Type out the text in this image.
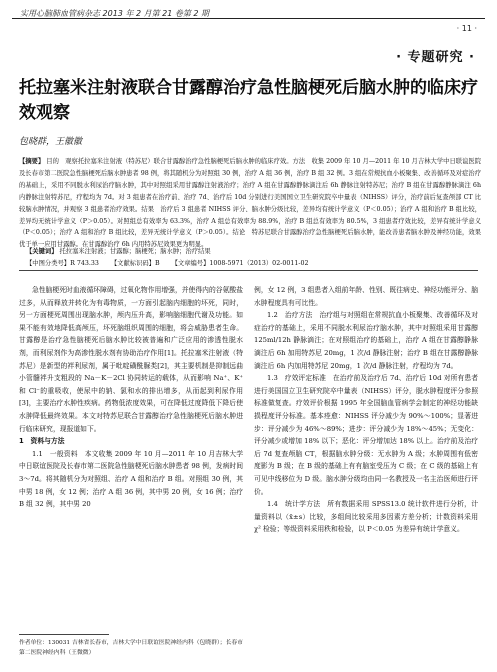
实用心脑肺血管病杂志 2013 年 2 月第 21 卷第 2 期
· 11 ·
· 专题研究 ·
托拉塞米注射液联合甘露醇治疗急性脑梗死后脑水肿的临床疗效观察
包晓群，王徽徽
【摘要】 目的　观察托拉塞米注射液（特苏尼）联合甘露醇治疗急性脑梗死后脑水肿的临床疗效。方法　收集 2009 年 10 月—2011 年 10 月吉林大学中日联谊医院及长春市第二医院急性脑梗死后脑水肿患者 98 例，将其随机分为对照组 30 例，治疗 A 组 36 例，治疗 B 组 32 例。3 组在常规抗血小板聚集、改善循环及对症治疗的基础上，采用不同脱水利尿治疗脑水肿，其中对照组采用甘露醇注射液治疗；治疗 A 组在甘露醇静脉滴注后 6h 静脉注射特苏尼；治疗 B 组在甘露醇静脉滴注 6h 内静脉注射特苏尼，疗程均为 7d。对 3 组患者在治疗前、治疗 7d、治疗后 10d 分别进行美国国立卫生研究院卒中量表（NIHSS）评分，治疗前后复查颅部 CT 比较脑水肿情况，并观察 3 组患者治疗效果。结果　治疗后 3 组患者 NIHSS 评分、脑水肿分级比较，差异均有统计学意义（P＜0.05）；治疗 A 组和治疗 B 组比较，差异均无统计学意义（P＞0.05）。对照组总有效率为 63.3%，治疗 A 组总有效率为 88.9%，治疗 B 组总有效率为 80.5%，3 组患者疗效比较，差异有统计学意义（P＜0.05）；治疗 A 组和治疗 B 组比较，差异无统计学意义（P＞0.05）。结论　特苏尼联合甘露醇治疗急性脑梗死后脑水肿，能改善患者脑水肿及神经功能，效果优于单一应用甘露醇。在甘露醇治疗 6h 内用特苏尼效果更为明显。
【关键词】 托拉塞米注射液；甘露醇；脑梗死；脑水肿；治疗结果
【中图分类号】R 743.33 【文献标识码】B 【文章编号】1008-5971（2013）02-0011-02

急性脑梗死时血液循环障碍，过氧化物作用增强，并使得内的谷氨酸盐过多，从而释放并转化为有毒物质，一方面引起脑内细胞的坏死，同时，另一方面梗死周围出现脑水肿，颅内压升高，影响脑细胞代谢及功能。如果不能有效地降低高颅压，坏死脑组织周围的细胞，将会威胁患者生命。甘露醇是治疗急性脑梗死后脑水肿比较被普遍和广泛应用的渗透性脱水剂，而利尿剂作为高渗性脱水剂有协助治疗作用[1]。托拉塞米注射液（特苏尼）是新型的袢利尿剂，属于吡啶磺酰脲类[2]，其主要机制是抑制远曲小管髓袢升支粗段的 Na－K－2Cl 协同转运的载体，从而影响 Na⁺、K⁺和 Cl⁻的重吸收，使尿中的钠、氯和水的排出增多，从而起到利尿作用[3]，主要治疗水肿性疾病。药物低浓度效果，可在降低过度降低下降后使水肿降低最终效果。本文对特苏尼联合甘露醇治疗急性脑梗死后脑水肿进行临床研究，现报道如下。

1　资料与方法

1.1　一般资料　本文收集 2009 年 10 月—2011 年 10 月吉林大学中日联谊医院及长春市第二医院急性脑梗死后脑水肿患者 98 例，发病时间 3～7d。将其随机分为对照组、治疗 A 组和治疗 B 组。对照组 30 例，其中男 18 例，女 12 例；治疗 A 组 36 例，其中男 20 例，女 16 例；治疗 B 组 32 例，其中男 20

例，女 12 例，3 组患者入组前年龄、性别、既往病史、神经功能评分、脑水肿程度具有可比性。

1.2　治疗方法　治疗组与对照组在常规抗血小板聚集、改善循环及对症治疗的基础上，采用不同脱水利尿治疗脑水肿，其中对照组采用甘露醇 125ml/12h 静脉滴注；在对照组治疗的基础上，治疗 A 组在甘露醇静脉滴注后 6h 加用特苏尼 20mg，1 次/d 静脉注射；治疗 B 组在甘露醇静脉滴注后 6h 内加用特苏尼 20mg，1 次/d 静脉注射，疗程均为 7d。

1.3　疗效评定标准　在治疗前及治疗后 7d、治疗后 10d 对所有患者进行美国国立卫生研究院卒中量表（NIHSS）评分，脱水肿程度评分参照标准做复查。疗效评价根据 1995 年全国脑血管病学会制定的神经功能缺损程度评分标准。基本痊愈：NIHSS 评分减少为 90%～100%；显著进步：评分减少为 46%～89%；进步：评分减少为 18%～45%；无变化：评分减少或增加 18% 以下；恶化：评分增加达 18% 以上。治疗前及治疗后 7d 复查颅脑 CT，根据脑水肿分级：无水肿为 A 级；水肿周围有低密度影为 B 级；在 B 级的基础上有有脑室受压为 C 级；在 C 级的基础上有可见中线移位为 D 级。脑水肿分级均由同一名教授及一名主治医师进行评价。

1.4　统计学方法　所有数据采用 SPSS13.0 统计软件进行分析，计量资料以（x̄±s）比较，多组间比较采用多因素方差分析；计数资料采用 χ² 检验；等级资料采用秩和检验，以 P＜0.05 为差异有统计学意义。

作者单位：130031 吉林省长春市，吉林大学中日联谊医院神经内科（包晓群）；长春市第二医院神经内科（王微微）
